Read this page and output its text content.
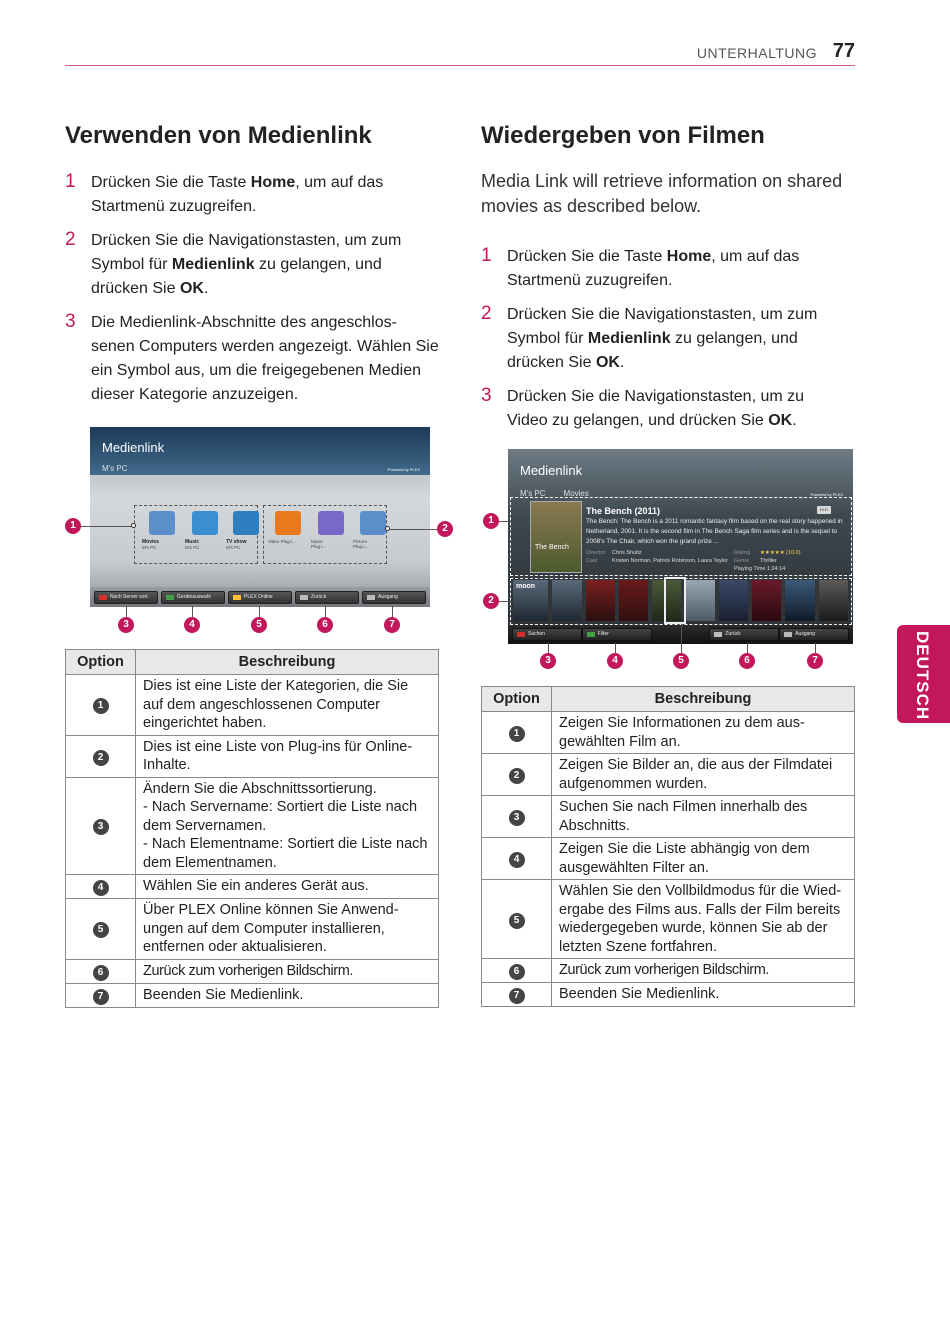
UNTERHALTUNG 77
Verwenden von Medienlink
1 Drücken Sie die Taste Home, um auf das Startmenü zuzugreifen.
2 Drücken Sie die Navigationstasten, um zum Symbol für Medienlink zu gelangen, und drücken Sie OK.
3 Die Medienlink-Abschnitte des angeschlos-senen Computers werden angezeigt. Wählen Sie ein Symbol aus, um die freigegebenen Medien dieser Kategorie anzuzeigen.
Medienlink
M's PC	Powered by PLEX
Movies
M's PC
Music
M's PC
TV show
M's PC
Video Plug-i...	Music
Plug-i...
Picture
Plug-i...
Nach Server sort.	Geräteauswahl	PLEX Online	Zurück	Ausgang
1	2
3	4	5	6	7
Option	Beschreibung
1	Dies ist eine Liste der Kategorien, die Sie auf dem angeschlossenen Computer eingerichtet haben.
2	Dies ist eine Liste von Plug-ins für Online-Inhalte.
3	Ändern Sie die Abschnittssortierung.
- Nach Servername: Sortiert die Liste nach dem Servernamen.
- Nach Elementname: Sortiert die Liste nach dem Elementnamen.
4	Wählen Sie ein anderes Gerät aus.
5	Über PLEX Online können Sie Anwend-ungen auf dem Computer installieren, entfernen oder aktualisieren.
6	Zurück zum vorherigen Bildschirm.
7	Beenden Sie Medienlink.
Wiedergeben von Filmen
Media Link will retrieve information on shared movies as described below.
1 Drücken Sie die Taste Home, um auf das Startmenü zuzugreifen.
2 Drücken Sie die Navigationstasten, um zum Symbol für Medienlink zu gelangen, und drücken Sie OK.
3 Drücken Sie die Navigationstasten, um zu Video zu gelangen, und drücken Sie OK.
Medienlink
M's PC Movies	Powered by PLEX
The Bench
The Bench (2011)	Hi-Fi
The Bench: The Bench is a 2011 romantic fantasy film based on the real story happened in Netherland, 2001. It is the second film in The Bench Saga film series and is the sequel to 2008's The Chair, which won the grand prize ...
Director Chris Shultz
Cast	Kristen Norman, Patrick Robinson, Laura Taylor
Rating ★★★★★ (10.0)
Genre Thriller
Playing Time 1:24:14
moon
Suchen	Filter	Zurück	Ausgang
1
2
3	4	5	6	7
Option	Beschreibung
1	Zeigen Sie Informationen zu dem aus-gewählten Film an.
2	Zeigen Sie Bilder an, die aus der Filmdatei aufgenommen wurden.
3	Suchen Sie nach Filmen innerhalb des Abschnitts.
4	Zeigen Sie die Liste abhängig von dem ausgewählten Filter an.
5	Wählen Sie den Vollbildmodus für die Wied-ergabe des Films aus. Falls der Film bereits wiedergegeben wurde, können Sie ab der letzten Szene fortfahren.
6	Zurück zum vorherigen Bildschirm.
7	Beenden Sie Medienlink.
DEUTSCH
